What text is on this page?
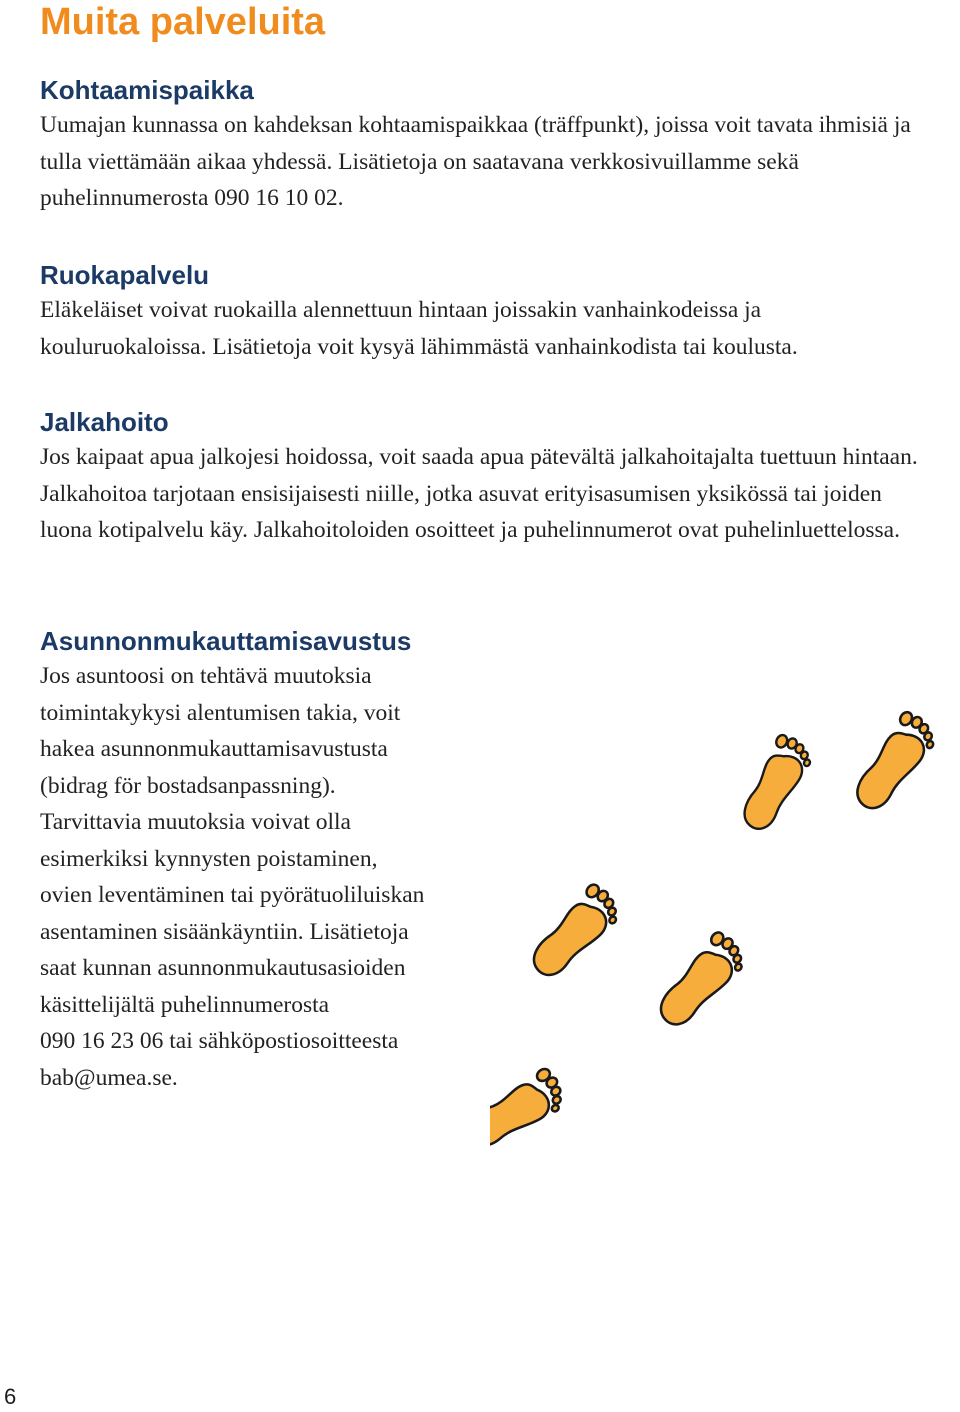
Muita palveluita
Kohtaamispaikka

Uumajan kunnassa on kahdeksan kohtaamispaikkaa (träffpunkt), joissa voit tavata ihmisiä ja tulla viettämään aikaa yhdessä. Lisätietoja on saatavana verkkosivuillamme sekä puhelinnumerosta 090 16 10 02.

Ruokapalvelu

Eläkeläiset voivat ruokailla alennettuun hintaan joissakin vanhainkodeissa ja kouluruokaloissa. Lisätietoja voit kysyä lähimmästä vanhainkodista tai koulusta.

Jalkahoito

Jos kaipaat apua jalkojesi hoidossa, voit saada apua pätevältä jalkahoitajalta tuettuun hintaan. Jalkahoitoa tarjotaan ensisijaisesti niille, jotka asuvat erityisasumisen yksikössä tai joiden luona kotipalvelu käy. Jalkahoitoloiden osoitteet ja puhelinnumerot ovat puhelinluettelossa.

Asunnonmukauttamisavustus

Jos asuntoosi on tehtävä muutoksia
toimintakykysi alentumisen takia, voit
hakea asunnonmukauttamisavustusta
(bidrag för bostadsanpassning).
Tarvittavia muutoksia voivat olla
esimerkiksi kynnysten poistaminen,
ovien leventäminen tai pyörätuoliluiskan
asentaminen sisäänkäyntiin. Lisätietoja
saat kunnan asunnonmukautusasioiden
käsittelijältä puhelinnumerosta
090 16 23 06 tai sähköpostiosoitteesta
bab@umea.se.

6
